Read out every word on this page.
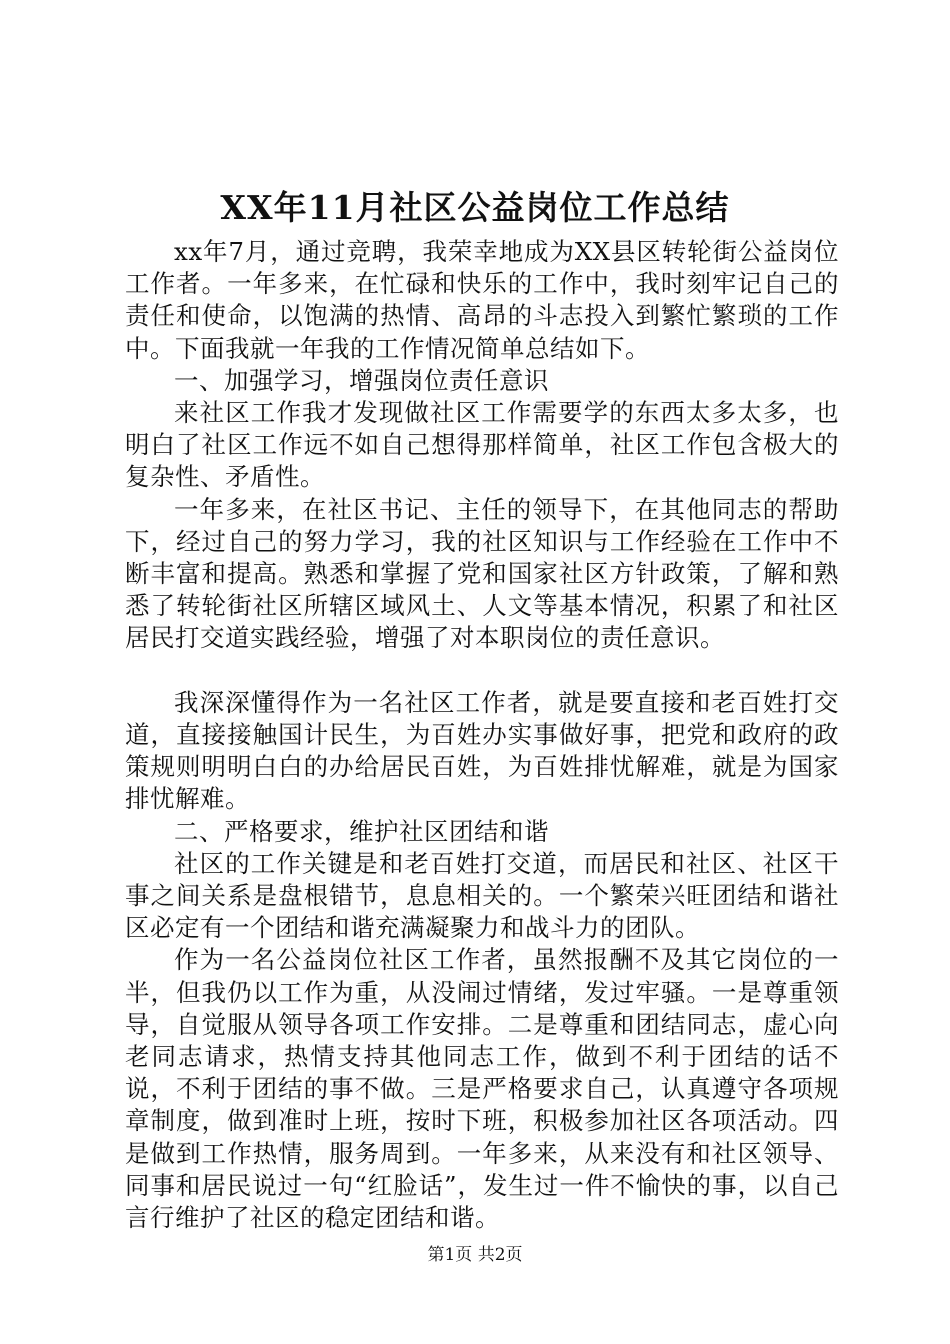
XX年11月社区公益岗位工作总结

xx年7月，通过竞聘，我荣幸地成为XX县区转轮街公益岗位工作者。一年多来，在忙碌和快乐的工作中，我时刻牢记自己的责任和使命，以饱满的热情、高昂的斗志投入到繁忙繁琐的工作中。下面我就一年我的工作情况简单总结如下。

一、加强学习，增强岗位责任意识

来社区工作我才发现做社区工作需要学的东西太多太多，也明白了社区工作远不如自己想得那样简单，社区工作包含极大的复杂性、矛盾性。

一年多来，在社区书记、主任的领导下，在其他同志的帮助下，经过自己的努力学习，我的社区知识与工作经验在工作中不断丰富和提高。熟悉和掌握了党和国家社区方针政策，了解和熟悉了转轮街社区所辖区域风土、人文等基本情况，积累了和社区居民打交道实践经验，增强了对本职岗位的责任意识。

我深深懂得作为一名社区工作者，就是要直接和老百姓打交道，直接接触国计民生，为百姓办实事做好事，把党和政府的政策规则明明白白的办给居民百姓，为百姓排忧解难，就是为国家排忧解难。

二、严格要求，维护社区团结和谐

社区的工作关键是和老百姓打交道，而居民和社区、社区干事之间关系是盘根错节，息息相关的。一个繁荣兴旺团结和谐社区必定有一个团结和谐充满凝聚力和战斗力的团队。

作为一名公益岗位社区工作者，虽然报酬不及其它岗位的一半，但我仍以工作为重，从没闹过情绪，发过牢骚。一是尊重领导，自觉服从领导各项工作安排。二是尊重和团结同志，虚心向老同志请求，热情支持其他同志工作，做到不利于团结的话不说，不利于团结的事不做。三是严格要求自己，认真遵守各项规章制度，做到准时上班，按时下班，积极参加社区各项活动。四是做到工作热情，服务周到。一年多来，从来没有和社区领导、同事和居民说过一句“红脸话”，发生过一件不愉快的事，以自己言行维护了社区的稳定团结和谐。

第1页 共2页
